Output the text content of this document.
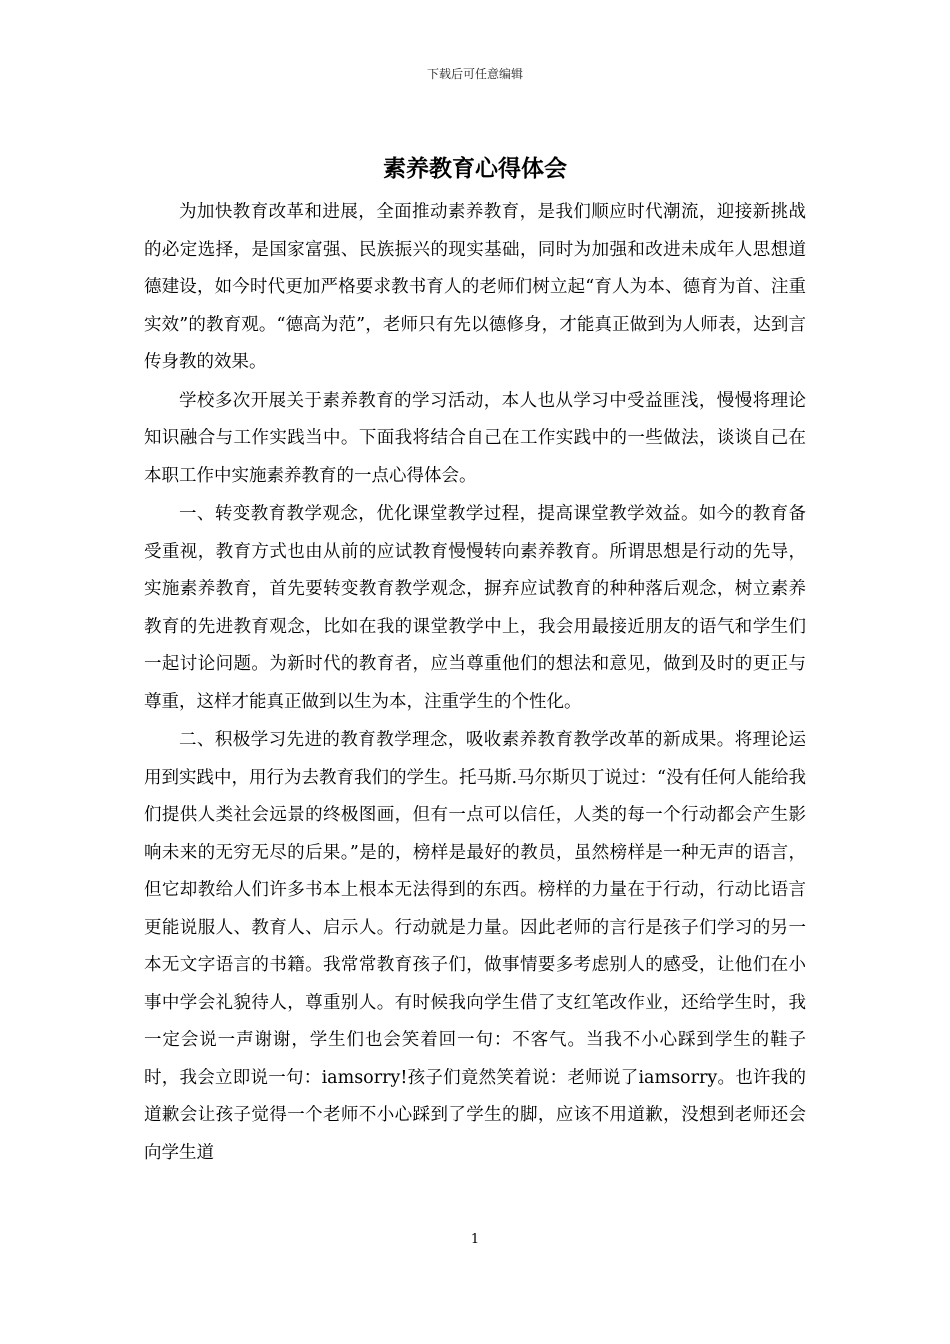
下载后可任意编辑
素养教育心得体会

为加快教育改革和进展，全面推动素养教育，是我们顺应时代潮流，迎接新挑战的必定选择，是国家富强、民族振兴的现实基础，同时为加强和改进未成年人思想道德建设，如今时代更加严格要求教书育人的老师们树立起“育人为本、德育为首、注重实效”的教育观。“德高为范”，老师只有先以德修身，才能真正做到为人师表，达到言传身教的效果。

学校多次开展关于素养教育的学习活动，本人也从学习中受益匪浅，慢慢将理论知识融合与工作实践当中。下面我将结合自己在工作实践中的一些做法，谈谈自己在本职工作中实施素养教育的一点心得体会。

一、转变教育教学观念，优化课堂教学过程，提高课堂教学效益。如今的教育备受重视，教育方式也由从前的应试教育慢慢转向素养教育。所谓思想是行动的先导，实施素养教育，首先要转变教育教学观念，摒弃应试教育的种种落后观念，树立素养教育的先进教育观念，比如在我的课堂教学中上，我会用最接近朋友的语气和学生们一起讨论问题。为新时代的教育者，应当尊重他们的想法和意见，做到及时的更正与尊重，这样才能真正做到以生为本，注重学生的个性化。

二、积极学习先进的教育教学理念，吸收素养教育教学改革的新成果。将理论运用到实践中，用行为去教育我们的学生。托马斯.马尔斯贝丁说过：“没有任何人能给我们提供人类社会远景的终极图画，但有一点可以信任，人类的每一个行动都会产生影响未来的无穷无尽的后果。”是的，榜样是最好的教员，虽然榜样是一种无声的语言，但它却教给人们许多书本上根本无法得到的东西。榜样的力量在于行动，行动比语言更能说服人、教育人、启示人。行动就是力量。因此老师的言行是孩子们学习的另一本无文字语言的书籍。我常常教育孩子们，做事情要多考虑别人的感受，让他们在小事中学会礼貌待人，尊重别人。有时候我向学生借了支红笔改作业，还给学生时，我一定会说一声谢谢，学生们也会笑着回一句：不客气。当我不小心踩到学生的鞋子时，我会立即说一句：iamsorry!孩子们竟然笑着说：老师说了iamsorry。也许我的道歉会让孩子觉得一个老师不小心踩到了学生的脚，应该不用道歉，没想到老师还会向学生道

1
